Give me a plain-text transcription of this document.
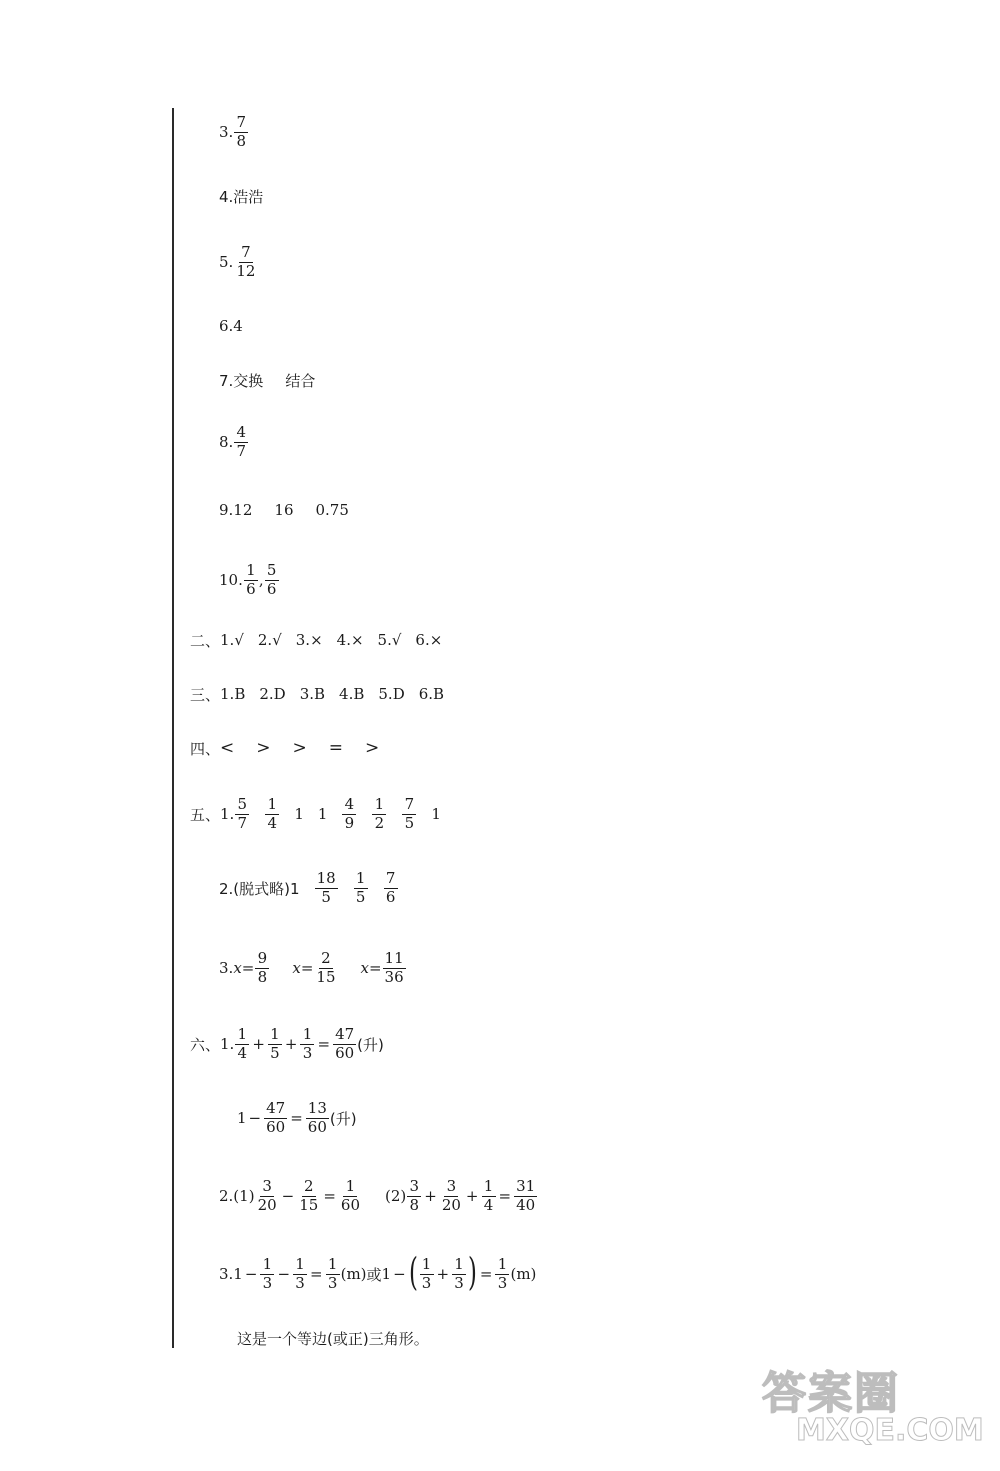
3. $\frac{7}{8}$
4.浩浩
5. $\frac{7}{12}$
6.4
7.交换 结合
8. $\frac{4}{7}$
9.12 16 0.75
10. $\frac{1}{6}$ , $\frac{5}{6}$
二、 1.√ 2.√ 3.× 4.× 5.√ 6.×
三、 1.B 2.D 3.B 4.B 5.D 6.B
四、 < > > = >
五、 1. $\frac{5}{7} \frac{1}{4} 1$ $1 \frac{4}{9} \frac{1}{2} \frac{7}{5} 1$
2.(脱式略)$1 \frac{18}{5} \frac{1}{5} \frac{7}{6}$
3. $x = \frac{9}{8}$ $x = \frac{2}{15}$ $x = \frac{11}{36}$
六、 1. $\frac{1}{4} + \frac{1}{5} + \frac{1}{3} = \frac{47}{60}$ (升)
$1 - \frac{47}{60} = \frac{13}{60}$ (升)
$2.(1) \frac{3}{20} - \frac{2}{15} = \frac{1}{60} (2) \frac{3}{8} + \frac{3}{20} + \frac{1}{4} = \frac{31}{40}$
$3.1 - \frac{1}{3} - \frac{1}{3} = \frac{1}{3} (m)$ 或 1 − ( $\frac{1}{3} + \frac{1}{3}$ ) = $\frac{1}{3} (m)$
这是一个等边(或正)三角形。
答案圈
MXQE.COM
